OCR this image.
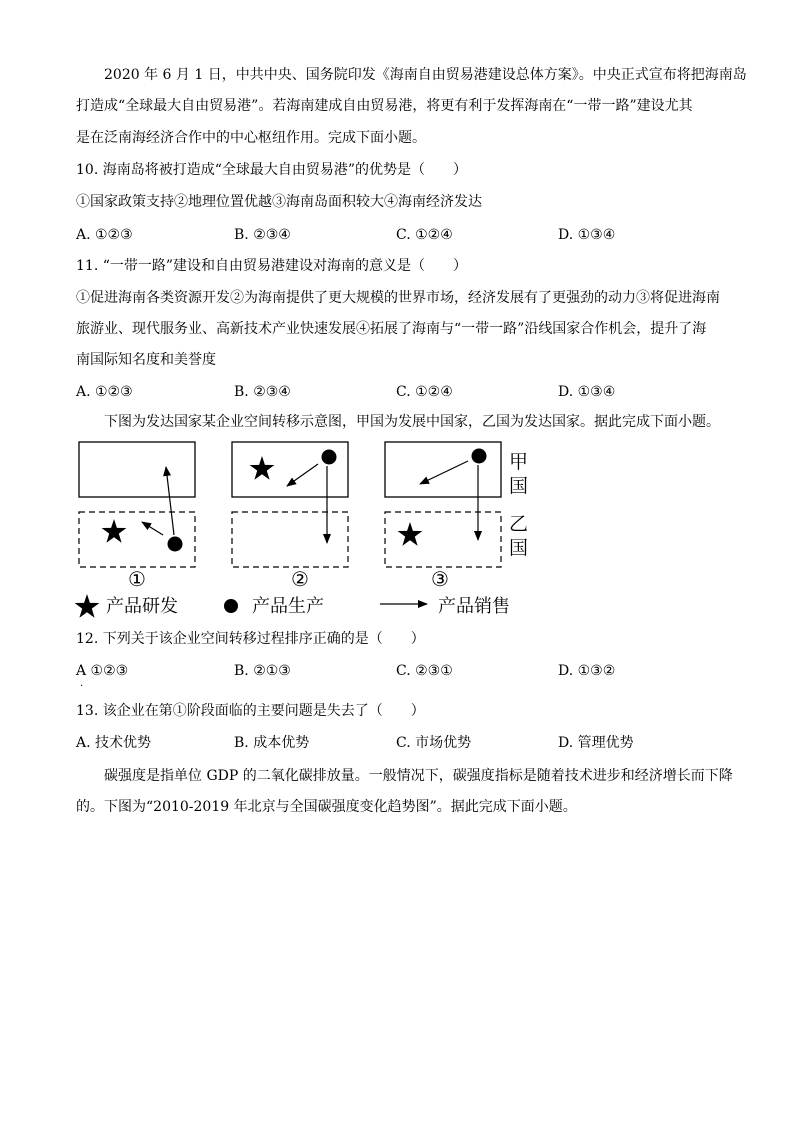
2020 年 6 月 1 日，中共中央、国务院印发《海南自由贸易港建设总体方案》。中央正式宣布将把海南岛
打造成“全球最大自由贸易港”。若海南建成自由贸易港，将更有利于发挥海南在“一带一路”建设尤其
是在泛南海经济合作中的中心枢纽作用。完成下面小题。
10. 海南岛将被打造成“全球最大自由贸易港”的优势是（　　）
①国家政策支持②地理位置优越③海南岛面积较大④海南经济发达
A. ①②③	B. ②③④	C. ①②④	D. ①③④
11. “一带一路”建设和自由贸易港建设对海南的意义是（　　）
①促进海南各类资源开发②为海南提供了更大规模的世界市场，经济发展有了更强劲的动力③将促进海南
旅游业、现代服务业、高新技术产业快速发展④拓展了海南与“一带一路”沿线国家合作机会，提升了海
南国际知名度和美誉度
A. ①②③	B. ②③④	C. ①②④	D. ①③④
下图为发达国家某企业空间转移示意图，甲国为发展中国家，乙国为发达国家。据此完成下面小题。
甲
国
乙
国
①	②	③
产品研发	产品生产	产品销售
12. 下列关于该企业空间转移过程排序正确的是（　　）
A ①②③	B. ②①③	C. ②③①	D. ①③②
.
13. 该企业在第①阶段面临的主要问题是失去了（　　）
A. 技术优势	B. 成本优势	C. 市场优势	D. 管理优势
碳强度是指单位 GDP 的二氧化碳排放量。一般情况下，碳强度指标是随着技术进步和经济增长而下降
的。下图为“2010-2019 年北京与全国碳强度变化趋势图”。据此完成下面小题。
